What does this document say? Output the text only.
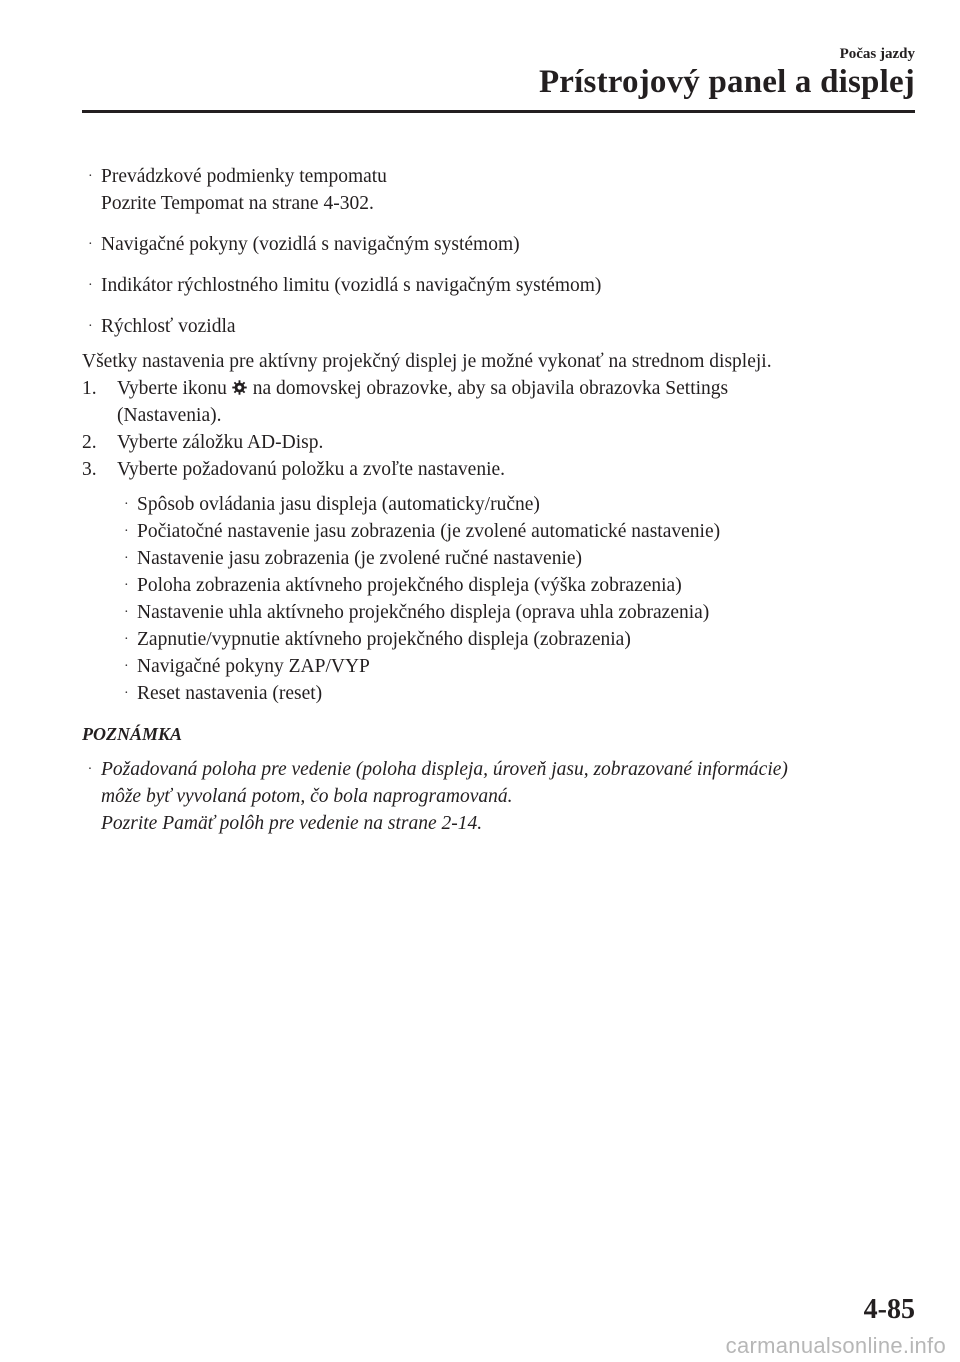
Počas jazdy
Prístrojový panel a displej
· Prevádzkové podmienky tempomatu
Pozrite Tempomat na strane 4-302.
· Navigačné pokyny (vozidlá s navigačným systémom)
· Indikátor rýchlostného limitu (vozidlá s navigačným systémom)
· Rýchlosť vozidla
Všetky nastavenia pre aktívny projekčný displej je možné vykonať na strednom displeji.
1. Vyberte ikonu na domovskej obrazovke, aby sa objavila obrazovka Settings
(Nastavenia).
2. Vyberte záložku AD-Disp.
3. Vyberte požadovanú položku a zvoľte nastavenie.
· Spôsob ovládania jasu displeja (automaticky/ručne)
· Počiatočné nastavenie jasu zobrazenia (je zvolené automatické nastavenie)
· Nastavenie jasu zobrazenia (je zvolené ručné nastavenie)
· Poloha zobrazenia aktívneho projekčného displeja (výška zobrazenia)
· Nastavenie uhla aktívneho projekčného displeja (oprava uhla zobrazenia)
· Zapnutie/vypnutie aktívneho projekčného displeja (zobrazenia)
· Navigačné pokyny ZAP/VYP
· Reset nastavenia (reset)
POZNÁMKA
· Požadovaná poloha pre vedenie (poloha displeja, úroveň jasu, zobrazované informácie)
môže byť vyvolaná potom, čo bola naprogramovaná.
Pozrite Pamäť polôh pre vedenie na strane 2-14.
4-85
carmanualsonline.info
